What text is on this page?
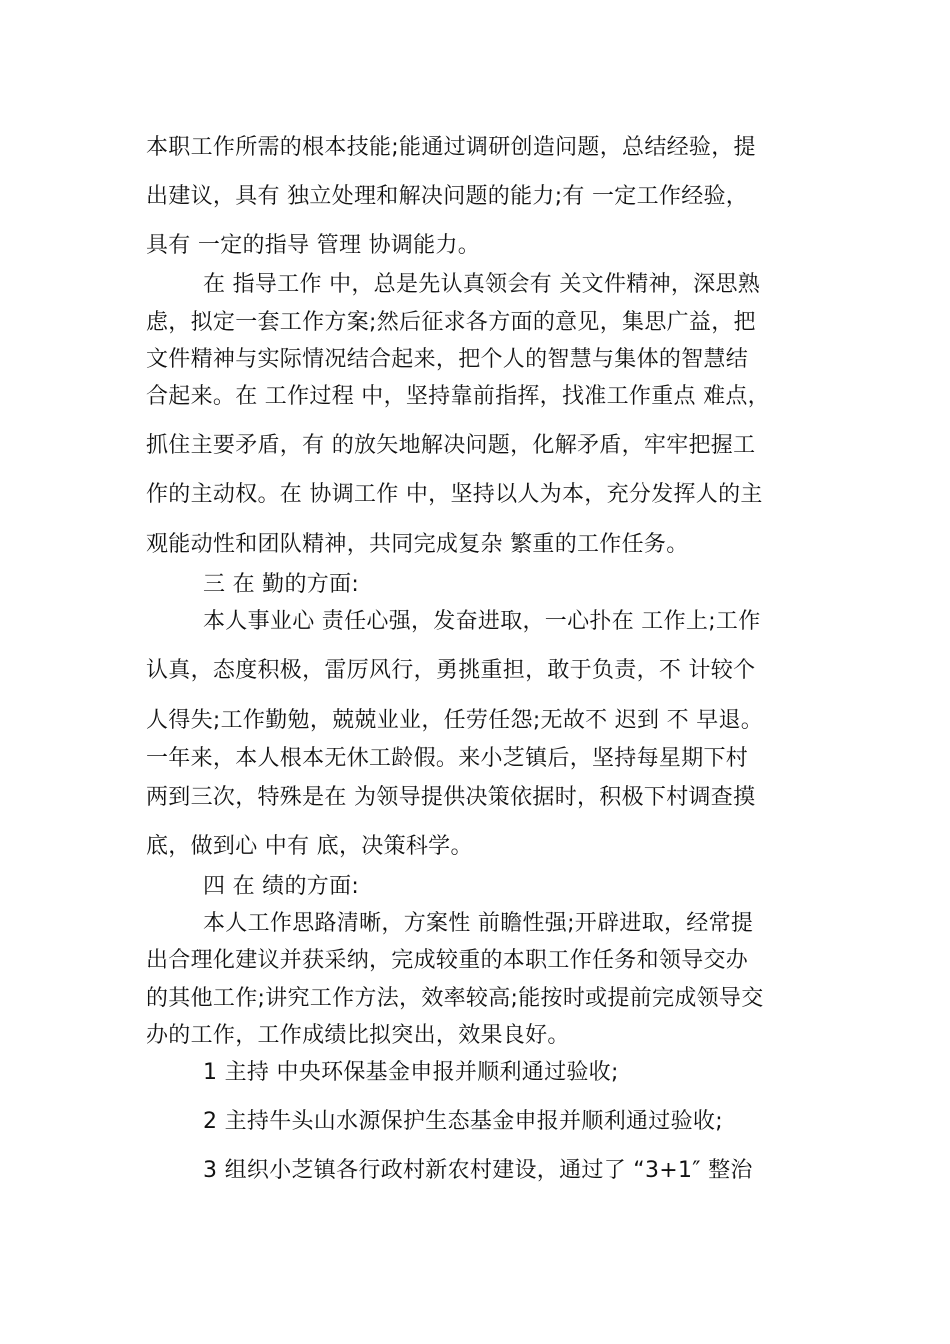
本职工作所需的根本技能;能通过调研创造问题，总结经验，提
出建议，具有 独立处理和解决问题的能力;有 一定工作经验，
具有 一定的指导 管理 协调能力。
在 指导工作 中，总是先认真领会有 关文件精神，深思熟
虑，拟定一套工作方案;然后征求各方面的意见，集思广益，把
文件精神与实际情况结合起来，把个人的智慧与集体的智慧结
合起来。在 工作过程 中，坚持靠前指挥，找准工作重点 难点，
抓住主要矛盾，有 的放矢地解决问题，化解矛盾，牢牢把握工
作的主动权。在 协调工作 中，坚持以人为本，充分发挥人的主
观能动性和团队精神，共同完成复杂 繁重的工作任务。
三 在 勤的方面:
本人事业心 责任心强，发奋进取，一心扑在 工作上;工作
认真，态度积极，雷厉风行，勇挑重担，敢于负责，不 计较个
人得失;工作勤勉，兢兢业业，任劳任怨;无故不 迟到 不 早退。
一年来，本人根本无休工龄假。来小芝镇后，坚持每星期下村
两到三次，特殊是在 为领导提供决策依据时，积极下村调查摸
底，做到心 中有 底，决策科学。
四 在 绩的方面:
本人工作思路清晰，方案性 前瞻性强;开辟进取，经常提
出合理化建议并获采纳，完成较重的本职工作任务和领导交办
的其他工作;讲究工作方法，效率较高;能按时或提前完成领导交
办的工作，工作成绩比拟突出，效果良好。
1 主持 中央环保基金申报并顺利通过验收;
2 主持牛头山水源保护生态基金申报并顺利通过验收;
3 组织小芝镇各行政村新农村建设，通过了 “3+1″ 整治
